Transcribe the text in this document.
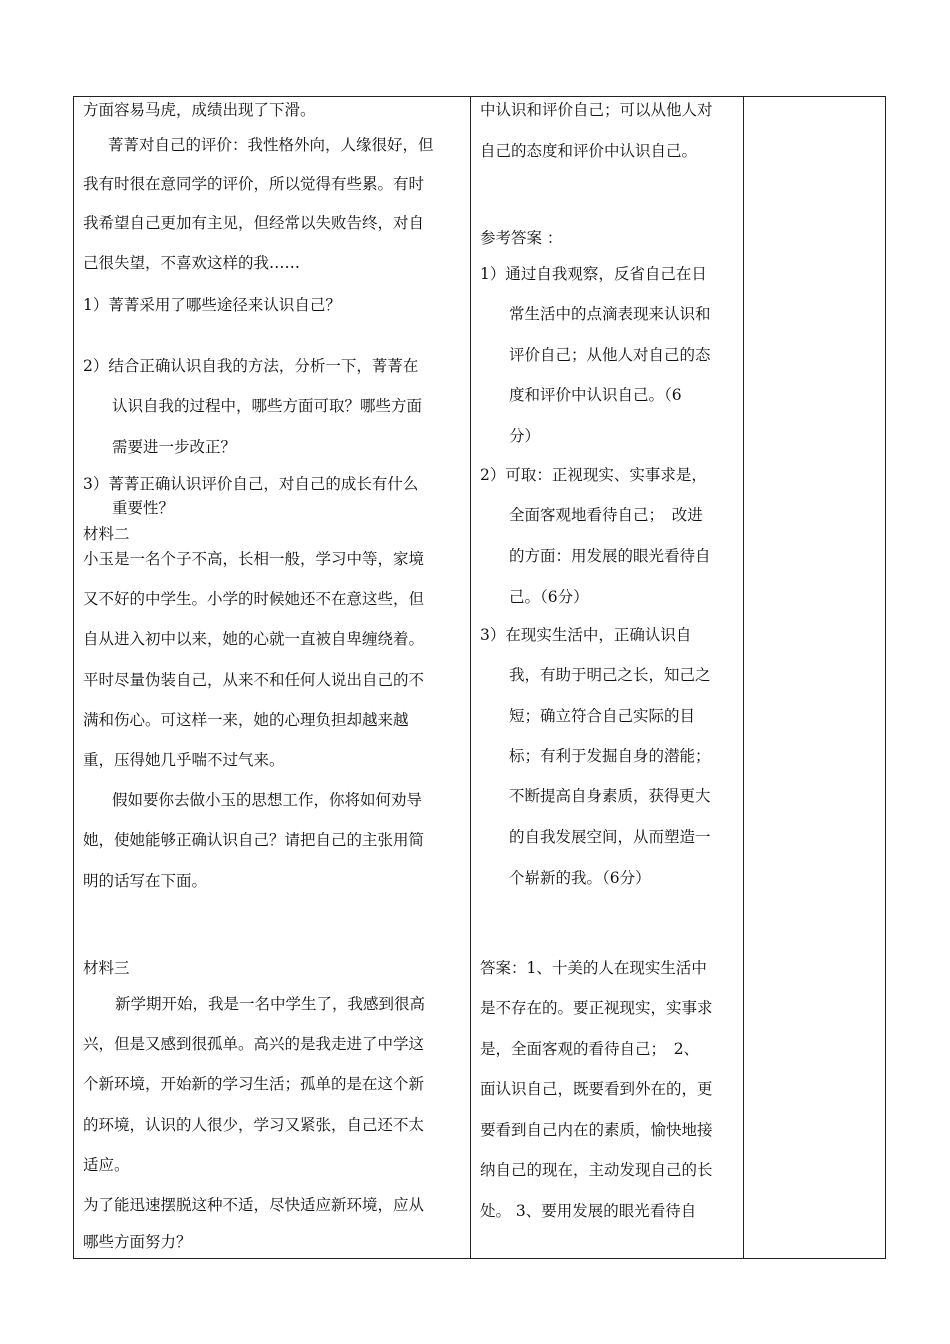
方面容易马虎，成绩出现了下滑。
菁菁对自己的评价：我性格外向，人缘很好，但
我有时很在意同学的评价，所以觉得有些累。有时
我希望自己更加有主见，但经常以失败告终，对自
己很失望，不喜欢这样的我……
1）菁菁采用了哪些途径来认识自己？
2）结合正确认识自我的方法，分析一下，菁菁在
认识自我的过程中，哪些方面可取？哪些方面
需要进一步改正？
3）菁菁正确认识评价自己，对自己的成长有什么
重要性？
材料二
小玉是一名个子不高，长相一般，学习中等，家境
又不好的中学生。小学的时候她还不在意这些，但
自从进入初中以来，她的心就一直被自卑缠绕着。
平时尽量伪装自己，从来不和任何人说出自己的不
满和伤心。可这样一来，她的心理负担却越来越
重，压得她几乎喘不过气来。
假如要你去做小玉的思想工作，你将如何劝导
她，使她能够正确认识自己？请把自己的主张用简
明的话写在下面。
材料三
新学期开始，我是一名中学生了，我感到很高
兴，但是又感到很孤单。高兴的是我走进了中学这
个新环境，开始新的学习生活；孤单的是在这个新
的环境，认识的人很少，学习又紧张，自己还不太
适应。
为了能迅速摆脱这种不适，尽快适应新环境，应从
哪些方面努力？
中认识和评价自己；可以从他人对
自己的态度和评价中认识自己。
参考答案 ：
1）通过自我观察，反省自己在日
常生活中的点滴表现来认识和
评价自己；从他人对自己的态
度和评价中认识自己。（6
分）
2）可取：正视现实、实事求是，
全面客观地看待自己；　改进
的方面：用发展的眼光看待自
己。（6分）
3）在现实生活中，正确认识自
我，有助于明己之长，知己之
短；确立符合自己实际的目
标；有利于发掘自身的潜能；
不断提高自身素质，获得更大
的自我发展空间，从而塑造一
个崭新的我。（6分）
答案：1、十美的人在现实生活中
是不存在的。要正视现实，实事求
是，全面客观的看待自己；　2、
面认识自己，既要看到外在的，更
要看到自己内在的素质，愉快地接
纳自己的现在，主动发现自己的长
处。 3、要用发展的眼光看待自
